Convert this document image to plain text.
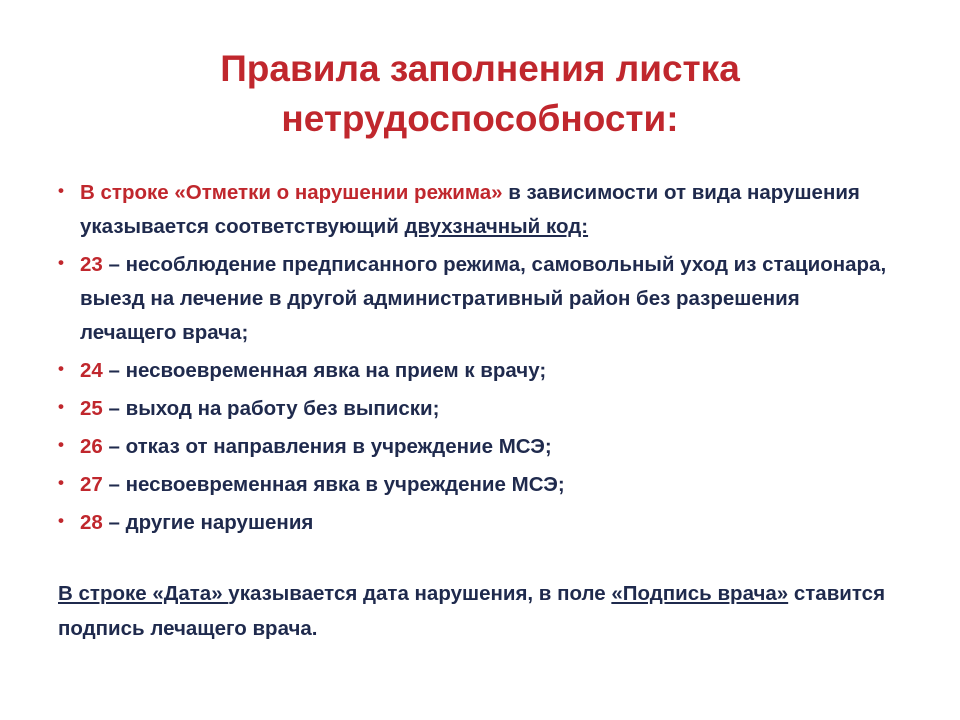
Правила заполнения листка
нетрудоспособности:
• В строке «Отметки о нарушении режима» в зависимости от вида нарушения указывается соответствующий двухзначный код:
• 23 – несоблюдение предписанного режима, самовольный уход из стационара, выезд на лечение в другой административный район без разрешения лечащего врача;
• 24 – несвоевременная явка на прием к врачу;
• 25 – выход на работу без выписки;
• 26 – отказ от направления в учреждение МСЭ;
• 27 – несвоевременная явка в учреждение МСЭ;
• 28 – другие нарушения

В строке «Дата» указывается дата нарушения, в поле «Подпись врача» ставится подпись лечащего врача.
